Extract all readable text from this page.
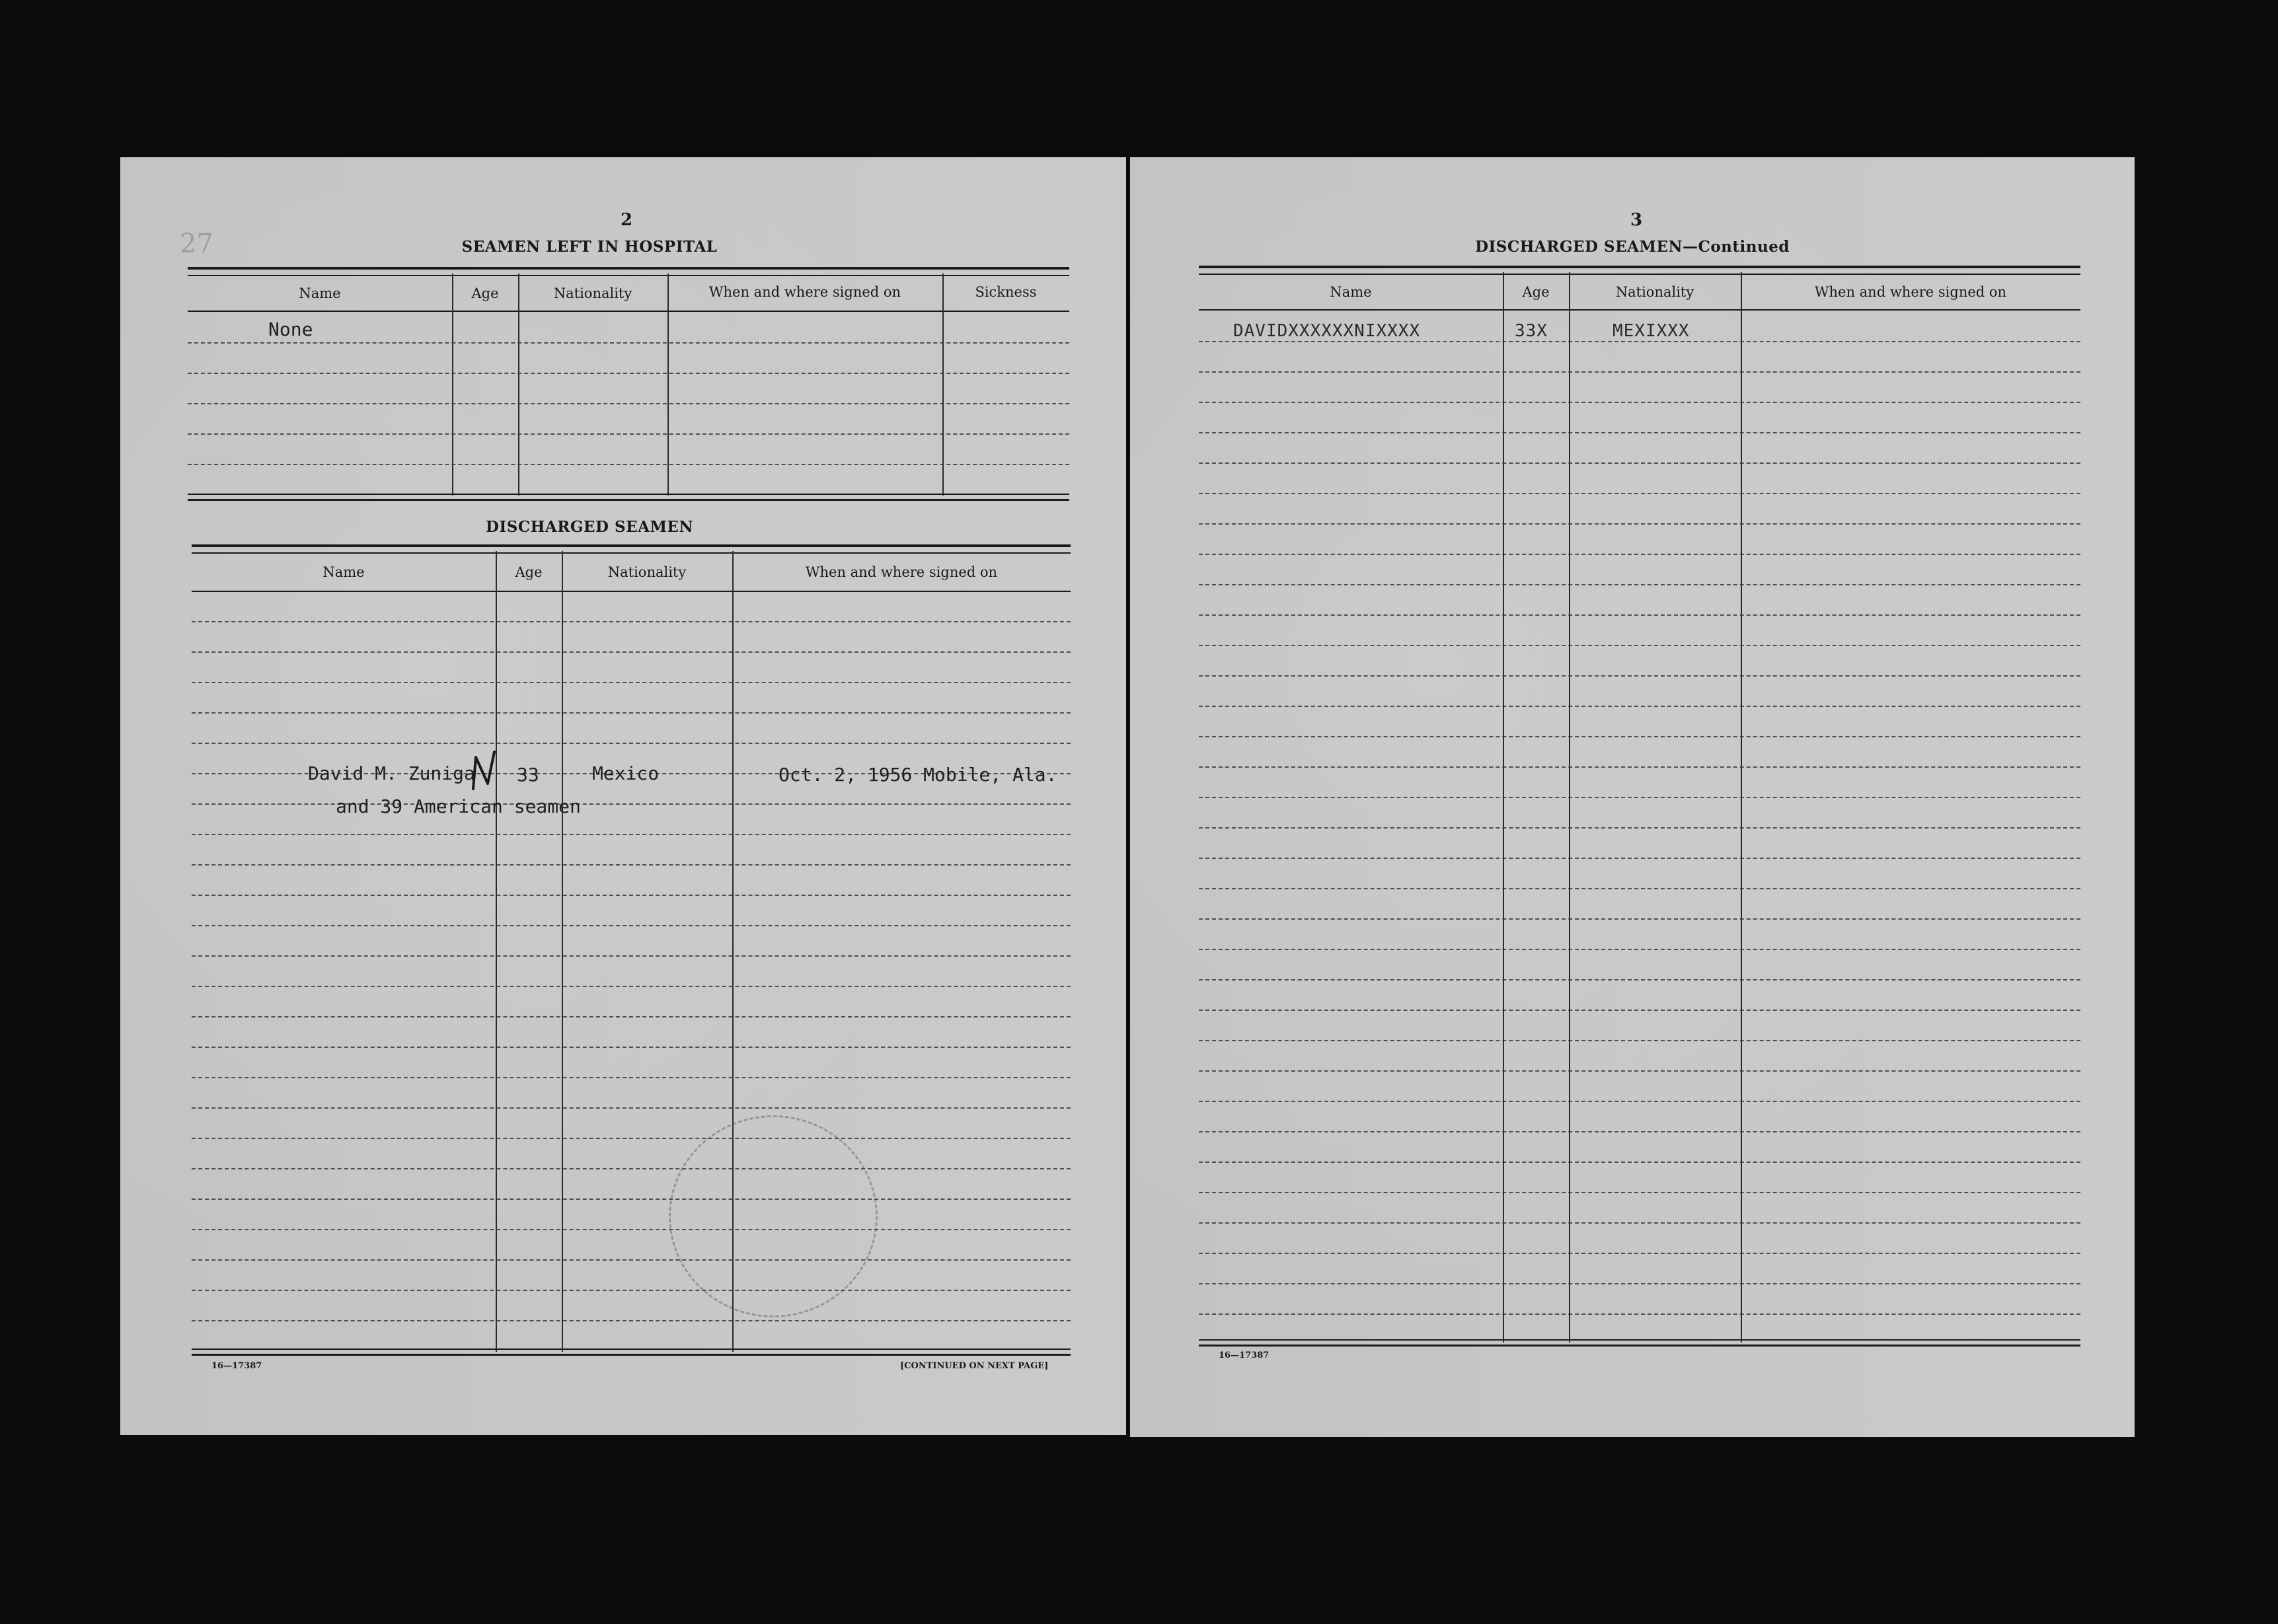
27
2
SEAMEN LEFT IN HOSPITAL
Name	Age	Nationality	When and where signed on	Sickness
None
DISCHARGED SEAMEN
Name	Age	Nationality	When and where signed on
David M. Zuniga 33	Mexico	Oct. 2, 1956 Mobile, Ala.
and 39 American seamen
16—17387	[CONTINUED ON NEXT PAGE]
3
DISCHARGED SEAMEN—Continued
Name	Age	Nationality	When and where signed on
DAVIDXXXXXXNIXXXX	33X	MEXIXXX
16—17387
